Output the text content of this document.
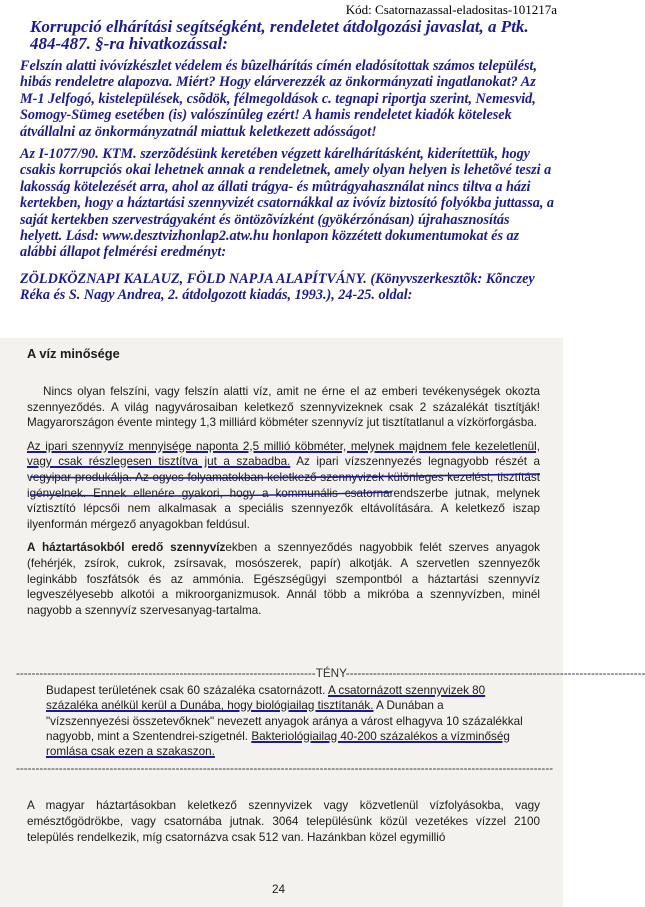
Kód: Csatornazassal-eladositas-101217a
Korrupció elhárítási segítségként, rendeletet átdolgozási javaslat, a Ptk. 484-487. §-ra hivatkozással:
Felszín alatti ivóvízkészlet védelem és bûzelhárítás címén eladósítottak számos települést, hibás rendeletre alapozva. Miért? Hogy elárverezzék az önkormányzati ingatlanokat? Az M-1 Jelfogó, kistelepülések, csõdök, félmegoldások c. tegnapi riportja szerint, Nemesvid, Somogy-Sümeg esetében (is) valószínûleg ezért! A hamis rendeletet kiadók kötelesek átvállalni az önkormányzatnál miattuk keletkezett adósságot!
Az I-1077/90. KTM. szerzõdésünk keretében végzett kárelhárításként, kiderítettük, hogy csakis korrupciós okai lehetnek annak a rendeletnek, amely olyan helyen is lehetõvé teszi a lakosság kötelezését arra, ahol az állati trágya- és mûtrágyahasználat nincs tiltva a házi kertekben, hogy a háztartási szennyvizét csatornákkal az ivóvíz biztosító folyókba juttassa, a saját kertekben szervestrágyaként és öntözõvízként (gyökérzónásan) újrahasznosítás helyett. Lásd: www.desztvizhonlap2.atw.hu honlapon közzétett dokumentumokat és az alábbi állapot felmérési eredményt:
ZÖLDKÖZNAPI KALAUZ, FÖLD NAPJA ALAPÍTVÁNY. (Könyvszerkesztõk: Kõnczey Réka és S. Nagy Andrea, 2. átdolgozott kiadás, 1993.), 24-25. oldal:
A víz minősége

Nincs olyan felszíni, vagy felszín alatti víz, amit ne érne el az emberi tevékenységek okozta szennyeződés. A világ nagyvárosaiban keletkező szennyvizeknek csak 2 százalékát tisztítják! Magyarországon évente mintegy 1,3 milliárd köbméter szennyvíz jut tisztítatlanul a vízkörforgásba.

Az ipari szennyvíz mennyisége naponta 2,5 millió köbméter, melynek majdnem fele kezeletlenül, vagy csak részlegesen tisztítva jut a szabadba. Az ipari vízszennyezés legnagyobb részét a vegyipar produkálja. Az egyes folyamatokban keletkező szennyvizek különleges kezelést, tisztítást igényelnek. Ennek ellenére gyakori, hogy a kommunális csatornarendszerbe jutnak, melynek víztisztító lépcsői nem alkalmasak a speciális szennyezők eltávolítására. A keletkező iszap ilyenformán mérgező anyagokban feldúsul.

A háztartásokból eredő szennyvízekben a szennyeződés nagyobbik felét szerves anyagok (fehérjék, zsírok, cukrok, zsírsavak, mosószerek, papír) alkotják. A szervetlen szennyezők leginkább foszfátsók és az ammónia. Egészségügyi szempontból a háztartási szennyvíz legveszélyesebb alkotói a mikroorganizmusok. Annál több a mikróba a szennyvízben, minél nagyobb a szennyvíz szervesanyag-tartalma.

-----------------------------------------------------------------------------TÉNY-----------------------------------------------------------------------------
Budapest területének csak 60 százaléka csatornázott. A csatornázott szennyvizek 80 százaléka anélkül kerül a Dunába, hogy biológiailag tisztítanák. A Dunában a "vízszennyezési összetevőknek" nevezett anyagok aránya a várost elhagyva 10 százalékkal nagyobb, mint a Szentendrei-szigetnél. Bakteriológiailag 40-200 százalékos a vízminőség romlása csak ezen a szakaszon.
------------------------------------------------------------------------------------------------------------------------------------------
A magyar háztartásokban keletkező szennyvizek vagy közvetlenül vízfolyásokba, vagy emésztőgödrökbe, vagy csatornába jutnak. 3064 településünk közül vezetékes vízzel 2100 település rendelkezik, míg csatornázva csak 512 van. Hazánkban közel egymillió
24
